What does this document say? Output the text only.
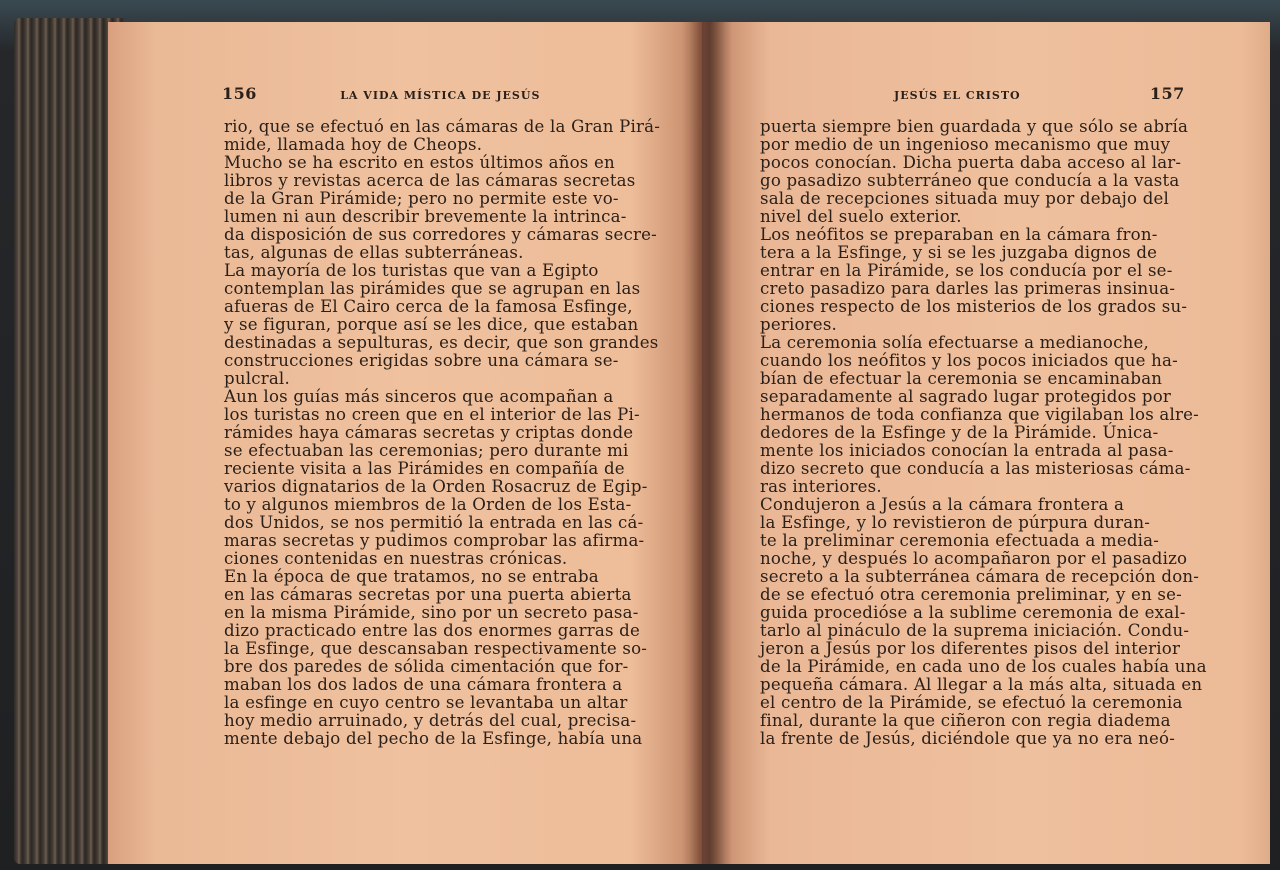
156	LA VIDA MÍSTICA DE JESÚS
rio, que se efectuó en las cámaras de la Gran Pirá-
mide, llamada hoy de Cheops.
Mucho se ha escrito en estos últimos años en
libros y revistas acerca de las cámaras secretas
de la Gran Pirámide; pero no permite este vo-
lumen ni aun describir brevemente la intrinca-
da disposición de sus corredores y cámaras secre-
tas, algunas de ellas subterráneas.
La mayoría de los turistas que van a Egipto
contemplan las pirámides que se agrupan en las
afueras de El Cairo cerca de la famosa Esfinge,
y se figuran, porque así se les dice, que estaban
destinadas a sepulturas, es decir, que son grandes
construcciones erigidas sobre una cámara se-
pulcral.
Aun los guías más sinceros que acompañan a
los turistas no creen que en el interior de las Pi-
rámides haya cámaras secretas y criptas donde
se efectuaban las ceremonias; pero durante mi
reciente visita a las Pirámides en compañía de
varios dignatarios de la Orden Rosacruz de Egip-
to y algunos miembros de la Orden de los Esta-
dos Unidos, se nos permitió la entrada en las cá-
maras secretas y pudimos comprobar las afirma-
ciones contenidas en nuestras crónicas.
En la época de que tratamos, no se entraba
en las cámaras secretas por una puerta abierta
en la misma Pirámide, sino por un secreto pasa-
dizo practicado entre las dos enormes garras de
la Esfinge, que descansaban respectivamente so-
bre dos paredes de sólida cimentación que for-
maban los dos lados de una cámara frontera a
la esfinge en cuyo centro se levantaba un altar
hoy medio arruinado, y detrás del cual, precisa-
mente debajo del pecho de la Esfinge, había una
JESÚS EL CRISTO	157
puerta siempre bien guardada y que sólo se abría
por medio de un ingenioso mecanismo que muy
pocos conocían. Dicha puerta daba acceso al lar-
go pasadizo subterráneo que conducía a la vasta
sala de recepciones situada muy por debajo del
nivel del suelo exterior.
Los neófitos se preparaban en la cámara fron-
tera a la Esfinge, y si se les juzgaba dignos de
entrar en la Pirámide, se los conducía por el se-
creto pasadizo para darles las primeras insinua-
ciones respecto de los misterios de los grados su-
periores.
La ceremonia solía efectuarse a medianoche,
cuando los neófitos y los pocos iniciados que ha-
bían de efectuar la ceremonia se encaminaban
separadamente al sagrado lugar protegidos por
hermanos de toda confianza que vigilaban los alre-
dedores de la Esfinge y de la Pirámide. Única-
mente los iniciados conocían la entrada al pasa-
dizo secreto que conducía a las misteriosas cáma-
ras interiores.
Condujeron a Jesús a la cámara frontera a
la Esfinge, y lo revistieron de púrpura duran-
te la preliminar ceremonia efectuada a media-
noche, y después lo acompañaron por el pasadizo
secreto a la subterránea cámara de recepción don-
de se efectuó otra ceremonia preliminar, y en se-
guida procedióse a la sublime ceremonia de exal-
tarlo al pináculo de la suprema iniciación. Condu-
jeron a Jesús por los diferentes pisos del interior
de la Pirámide, en cada uno de los cuales había una
pequeña cámara. Al llegar a la más alta, situada en
el centro de la Pirámide, se efectuó la ceremonia
final, durante la que ciñeron con regia diadema
la frente de Jesús, diciéndole que ya no era neó-
